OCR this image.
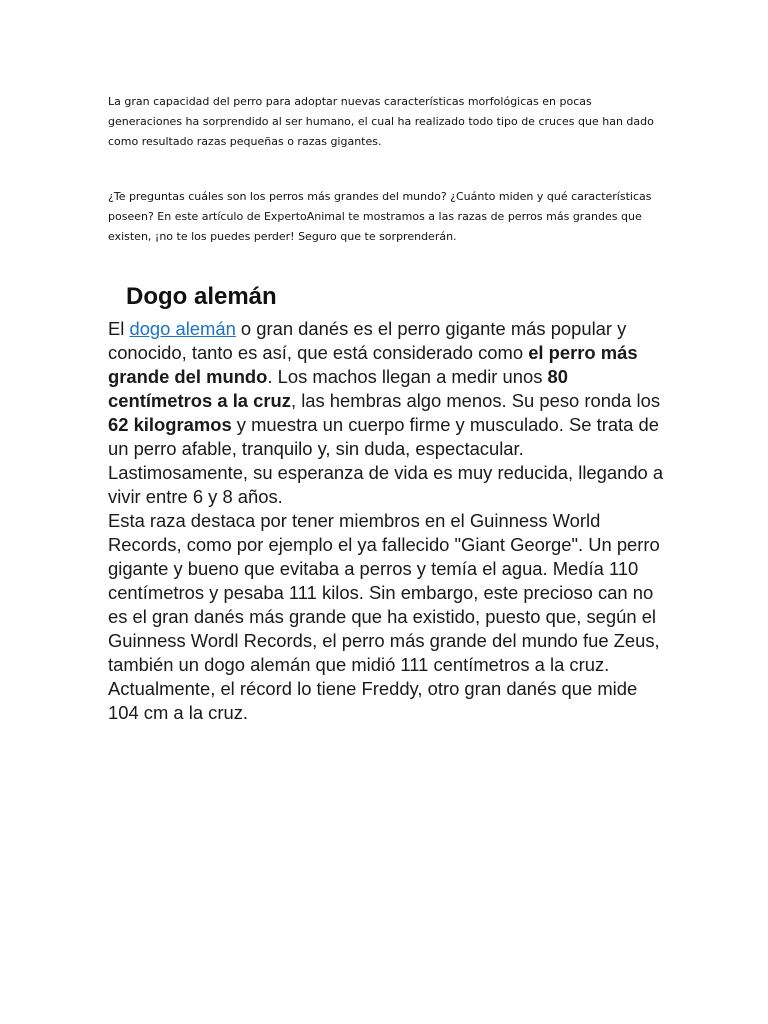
La gran capacidad del perro para adoptar nuevas características morfológicas en pocas generaciones ha sorprendido al ser humano, el cual ha realizado todo tipo de cruces que han dado como resultado razas pequeñas o razas gigantes.

¿Te preguntas cuáles son los perros más grandes del mundo? ¿Cuánto miden y qué características poseen? En este artículo de ExpertoAnimal te mostramos a las razas de perros más grandes que existen, ¡no te los puedes perder! Seguro que te sorprenderán.

Dogo alemán

El dogo alemán o gran danés es el perro gigante más popular y conocido, tanto es así, que está considerado como el perro más grande del mundo. Los machos llegan a medir unos 80 centímetros a la cruz, las hembras algo menos. Su peso ronda los 62 kilogramos y muestra un cuerpo firme y musculado. Se trata de un perro afable, tranquilo y, sin duda, espectacular. Lastimosamente, su esperanza de vida es muy reducida, llegando a vivir entre 6 y 8 años.

Esta raza destaca por tener miembros en el Guinness World Records, como por ejemplo el ya fallecido "Giant George". Un perro gigante y bueno que evitaba a perros y temía el agua. Medía 110 centímetros y pesaba 111 kilos. Sin embargo, este precioso can no es el gran danés más grande que ha existido, puesto que, según el Guinness Wordl Records, el perro más grande del mundo fue Zeus, también un dogo alemán que midió 111 centímetros a la cruz. Actualmente, el récord lo tiene Freddy, otro gran danés que mide 104 cm a la cruz.
